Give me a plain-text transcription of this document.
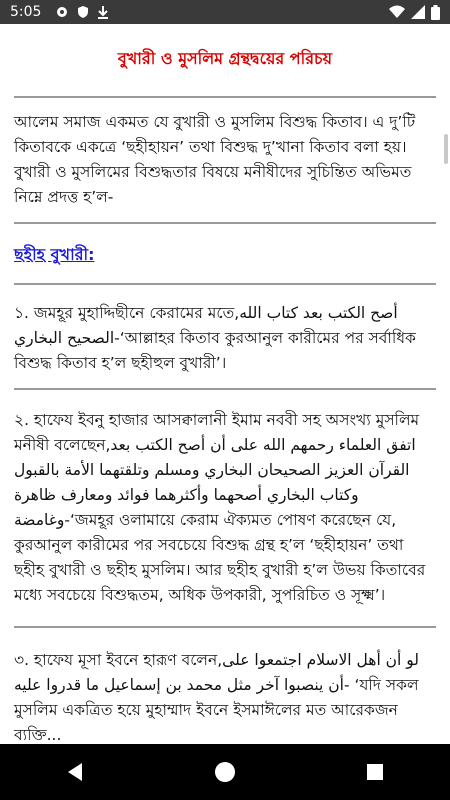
5:05
বুখারী ও মুসলিম গ্রন্থদ্বয়ের পরিচয়
আলেম সমাজ একমত যে বুখারী ও মুসলিম বিশুদ্ধ কিতাব। এ দু’টি কিতাবকে একত্রে ‘ছহীহায়ন’ তথা বিশুদ্ধ দু’খানা কিতাব বলা হয়। বুখারী ও মুসলিমের বিশুদ্ধতার বিষয়ে মনীষীদের সুচিন্তিত অভিমত নিম্নে প্রদত্ত হ’ল-
ছহীহ বুখারী:
১. জমহূর মুহাদ্দিছীনে কেরামের মতে,أصح الكتب بعد كتاب الله الصحيح البخاري-‘আল্লাহর কিতাব কুরআনুল কারীমের পর সর্বাধিক বিশুদ্ধ কিতাব হ’ল ছহীহুল বুখারী’।
২. হাফেয ইবনু হাজার আসক্বালানী ইমাম নববী সহ অসংখ্য মুসলিম মনীষী বলেছেন,اتفق العلماء رحمهم الله على أن أصح الكتب بعد القرآن العزيز الصحيحان البخاري ومسلم وتلقتهما الأمة بالقبول وكتاب البخاري أصحهما وأكثرهما فوائد ومعارف ظاهرة وغامضة-‘জমহূর ওলামায়ে কেরাম ঐক্যমত পোষণ করেছেন যে, কুরআনুল কারীমের পর সবচেয়ে বিশুদ্ধ গ্রন্থ হ’ল ‘ছহীহায়ন’ তথা ছহীহ বুখারী ও ছহীহ মুসলিম। আর ছহীহ বুখারী হ’ল উভয় কিতাবের মধ্যে সবচেয়ে বিশুদ্ধতম, অধিক উপকারী, সুপরিচিত ও সূক্ষ্ম’।
৩. হাফেয মূসা ইবনে হারূণ বলেন,لو أن أهل الاسلام اجتمعوا على أن ينصبوا آخر مثل محمد بن إسماعيل ما قدروا عليه- ‘যদি সকল মুসলিম একত্রিত হয়ে মুহাম্মাদ ইবনে ইসমাঈলের মত আরেকজন ব্যক্তি...
